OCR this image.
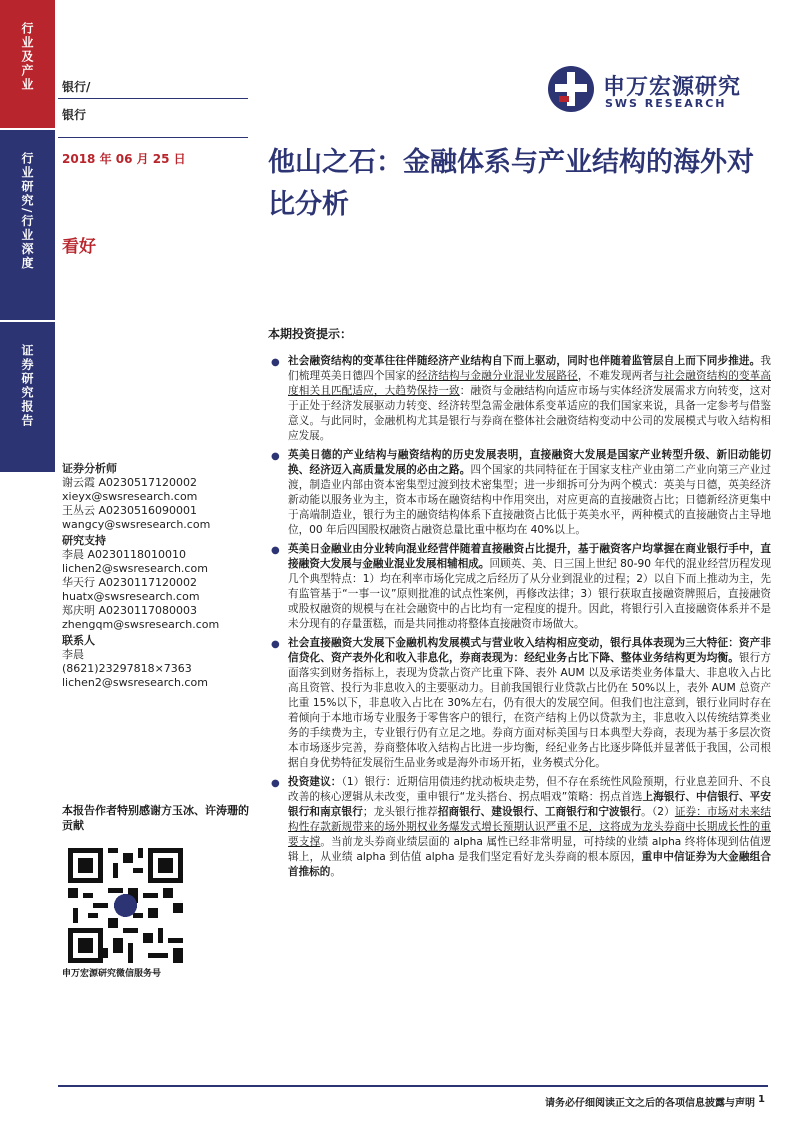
行业及产业
行业研究/行业深度
证券研究报告
银行/
银行
申万宏源研究
SWS RESEARCH
2018 年 06 月 25 日
看好
他山之石：金融体系与产业结构的海外对比分析
证券分析师
谢云霞 A0230517120002
xieyx@swsresearch.com
王丛云 A0230516090001
wangcy@swsresearch.com
研究支持
李晨 A0230118010010
lichen2@swsresearch.com
华天行 A0230117120002
huatx@swsresearch.com
郑庆明 A0230117080003
zhengqm@swsresearch.com
联系人
李晨
(8621)23297818×7363
lichen2@swsresearch.com
本报告作者特别感谢方玉冰、许涛珊的贡献
申万宏源研究微信服务号
本期投资提示：
● 社会融资结构的变革往往伴随经济产业结构自下而上驱动，同时也伴随着监管层自上而下同步推进。我们梳理英美日德四个国家的经济结构与金融分业混业发展路径，不难发现两者与社会融资结构的变革高度相关且匹配适应，大趋势保持一致：融资与金融结构向适应市场与实体经济发展需求方向转变，这对于正处于经济发展驱动力转变、经济转型急需金融体系变革适应的我们国家来说，具备一定参考与借鉴意义。与此同时，金融机构尤其是银行与券商在整体社会融资结构变动中公司的发展模式与收入结构相应发展。
● 英美日德的产业结构与融资结构的历史发展表明，直接融资大发展是国家产业转型升级、新旧动能切换、经济迈入高质量发展的必由之路。四个国家的共同特征在于国家支柱产业由第二产业向第三产业过渡，制造业内部由资本密集型过渡到技术密集型；进一步细拆可分为两个模式：英美与日德，英美经济新动能以服务业为主，资本市场在融资结构中作用突出，对应更高的直接融资占比；日德新经济更集中于高端制造业，银行为主的融资结构体系下直接融资占比低于英美水平，两种模式的直接融资占主导地位，00 年后四国股权融资占融资总量比重中枢均在 40%以上。
● 英美日金融业由分业转向混业经营伴随着直接融资占比提升，基于融资客户均掌握在商业银行手中，直接融资大发展与金融业混业发展相辅相成。回顾英、美、日三国上世纪 80-90 年代的混业经营历程发现几个典型特点：1）均在利率市场化完成之后经历了从分业到混业的过程；2）以自下而上推动为主，先有监管基于“一事一议”原则批准的试点性案例，再修改法律；3）银行获取直接融资牌照后，直接融资或股权融资的规模与在社会融资中的占比均有一定程度的提升。因此，将银行引入直接融资体系并不是未分现有的存量蛋糕，而是共同推动将整体直接融资市场做大。
● 社会直接融资大发展下金融机构发展模式与营业收入结构相应变动，银行具体表现为三大特征：资产非信贷化、资产表外化和收入非息化，券商表现为：经纪业务占比下降、整体业务结构更为均衡。银行方面落实到财务指标上，表现为贷款占资产比重下降、表外 AUM 以及承诺类业务体量大、非息收入占比高且资管、投行为非息收入的主要驱动力。目前我国银行业贷款占比仍在 50%以上，表外 AUM 总资产比重 15%以下，非息收入占比在 30%左右，仍有很大的发展空间。但我们也注意到，银行业同时存在着倾向于本地市场专业服务于零售客户的银行，在资产结构上仍以贷款为主，非息收入以传统结算类业务的手续费为主，专业银行仍有立足之地。券商方面对标美国与日本典型大券商，表现为基于多层次资本市场逐步完善，券商整体收入结构占比进一步均衡，经纪业务占比逐步降低并显著低于我国，公司根据自身优势特征发展衍生品业务或是海外市场开拓，业务模式分化。
● 投资建议：（1）银行：近期信用债违约扰动板块走势，但不存在系统性风险预期，行业息差回升、不良改善的核心逻辑从未改变，重申银行“龙头搭台、拐点唱戏”策略：拐点首选上海银行、中信银行、平安银行和南京银行；龙头银行推荐招商银行、建设银行、工商银行和宁波银行。（2）证券：市场对未来结构性存款新规带来的场外期权业务爆发式增长预期认识严重不足，这将成为龙头券商中长期成长性的重要支撑。当前龙头券商业绩层面的 alpha 属性已经非常明显，可持续的业绩 alpha 终将体现到估值逻辑上，从业绩 alpha 到估值 alpha 是我们坚定看好龙头券商的根本原因，重申中信证券为大金融组合首推标的。
请务必仔细阅读正文之后的各项信息披露与声明 1
